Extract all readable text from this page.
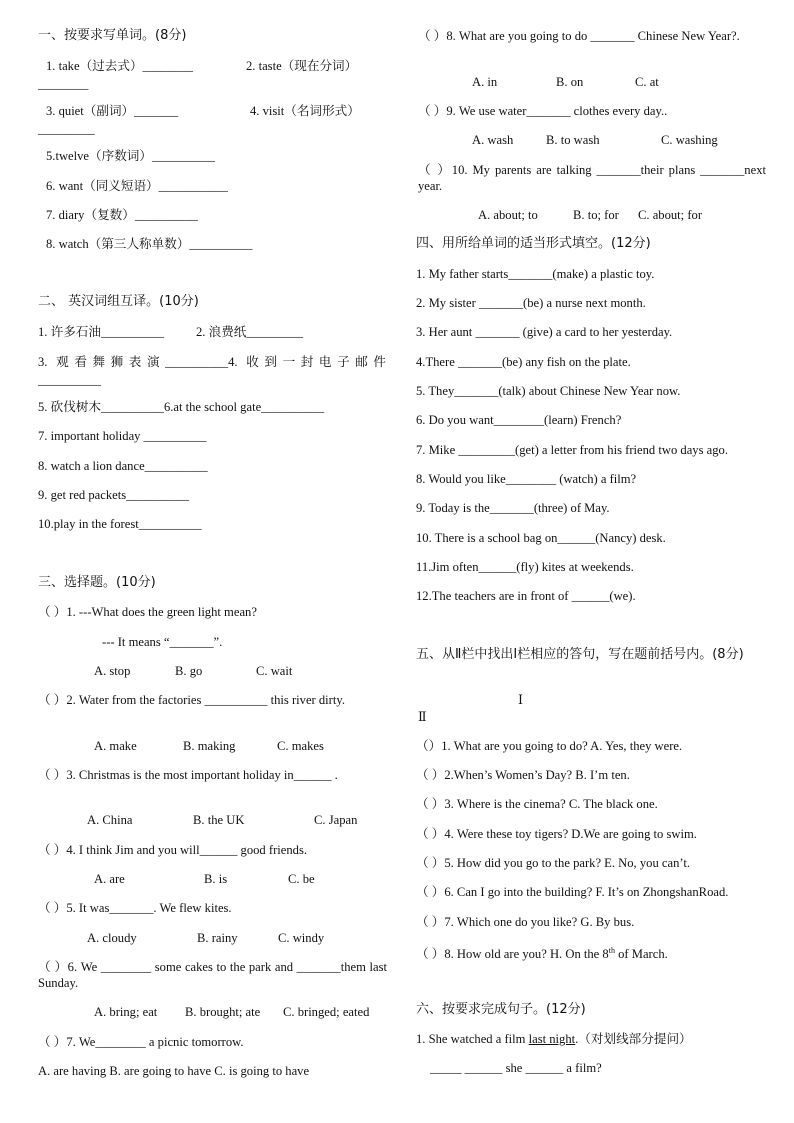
一、按要求写单词。(8分)
1. take（过去式）________	2. taste（现在分词）
________
3. quiet（副词）_______	4. visit（名词形式）
_________
5.twelve（序数词）__________
6. want（同义短语）___________
7. diary（复数）__________
8. watch（第三人称单数）__________
二、 英汉词组互译。(10分)
1. 许多石油__________	2. 浪费纸_________
3. 观看舞狮表演__________4. 收到一封电子邮件
__________
5. 砍伐树木__________6.at the school gate__________
7. important holiday __________
8. watch a lion dance__________
9. get red packets__________
10.play in the forest__________
三、选择题。(10分)
（ ）1. ---What does the green light mean?
--- It means “_______”.
A. stop	B. go	C. wait
（ ）2. Water from the factories __________ this river dirty.
A. make	B. making	C. makes
（ ）3. Christmas is the most important holiday in______ .
A. China	B. the UK	C. Japan
（ ）4. I think Jim and you will______ good friends.
A. are	B. is	C. be
（ ）5. It was_______. We flew kites.
A. cloudy	B. rainy	C. windy
（ ）6. We ________ some cakes to the park and _______them last Sunday.
A. bring; eat B. brought; ate C. bringed; eated
（ ）7. We________ a picnic tomorrow.
A. are having B. are going to have C. is going to have
（ ）8. What are you going to do _______ Chinese New Year?.
A. in	B. on	C. at
（ ）9. We use water_______ clothes every day..
A. wash	B. to wash	C. washing
（ ）10. My parents are talking _______their plans _______next year.
A. about; to	B. to; for C. about; for
四、用所给单词的适当形式填空。(12分)
1. My father starts_______(make) a plastic toy.
2. My sister _______(be) a nurse next month.
3. Her aunt _______ (give) a card to her yesterday.
4.There _______(be) any fish on the plate.
5. They_______(talk) about Chinese New Year now.
6. Do you want________(learn) French?
7. Mike _________(get) a letter from his friend two days ago.
8. Would you like________ (watch) a film?
9. Today is the_______(three) of May.
10. There is a school bag on______(Nancy) desk.
11.Jim often______(fly) kites at weekends.
12.The teachers are in front of ______(we).
五、从Ⅱ栏中找出Ⅰ栏相应的答句，写在题前括号内。(8分)
Ⅰ
Ⅱ
（）1. What are you going to do? A. Yes, they were.
（ ）2.When’s Women’s Day? B. I’m ten.
（ ）3. Where is the cinema? C. The black one.
（ ）4. Were these toy tigers? D.We are going to swim.
（ ）5. How did you go to the park? E. No, you can’t.
（ ）6. Can I go into the building? F. It’s on ZhongshanRoad.
（ ）7. Which one do you like? G. By bus.
（ ）8. How old are you? H. On the 8th of March.
六、按要求完成句子。(12分)
1. She watched a film last night.（对划线部分提问）
_____ ______ she ______ a film?
